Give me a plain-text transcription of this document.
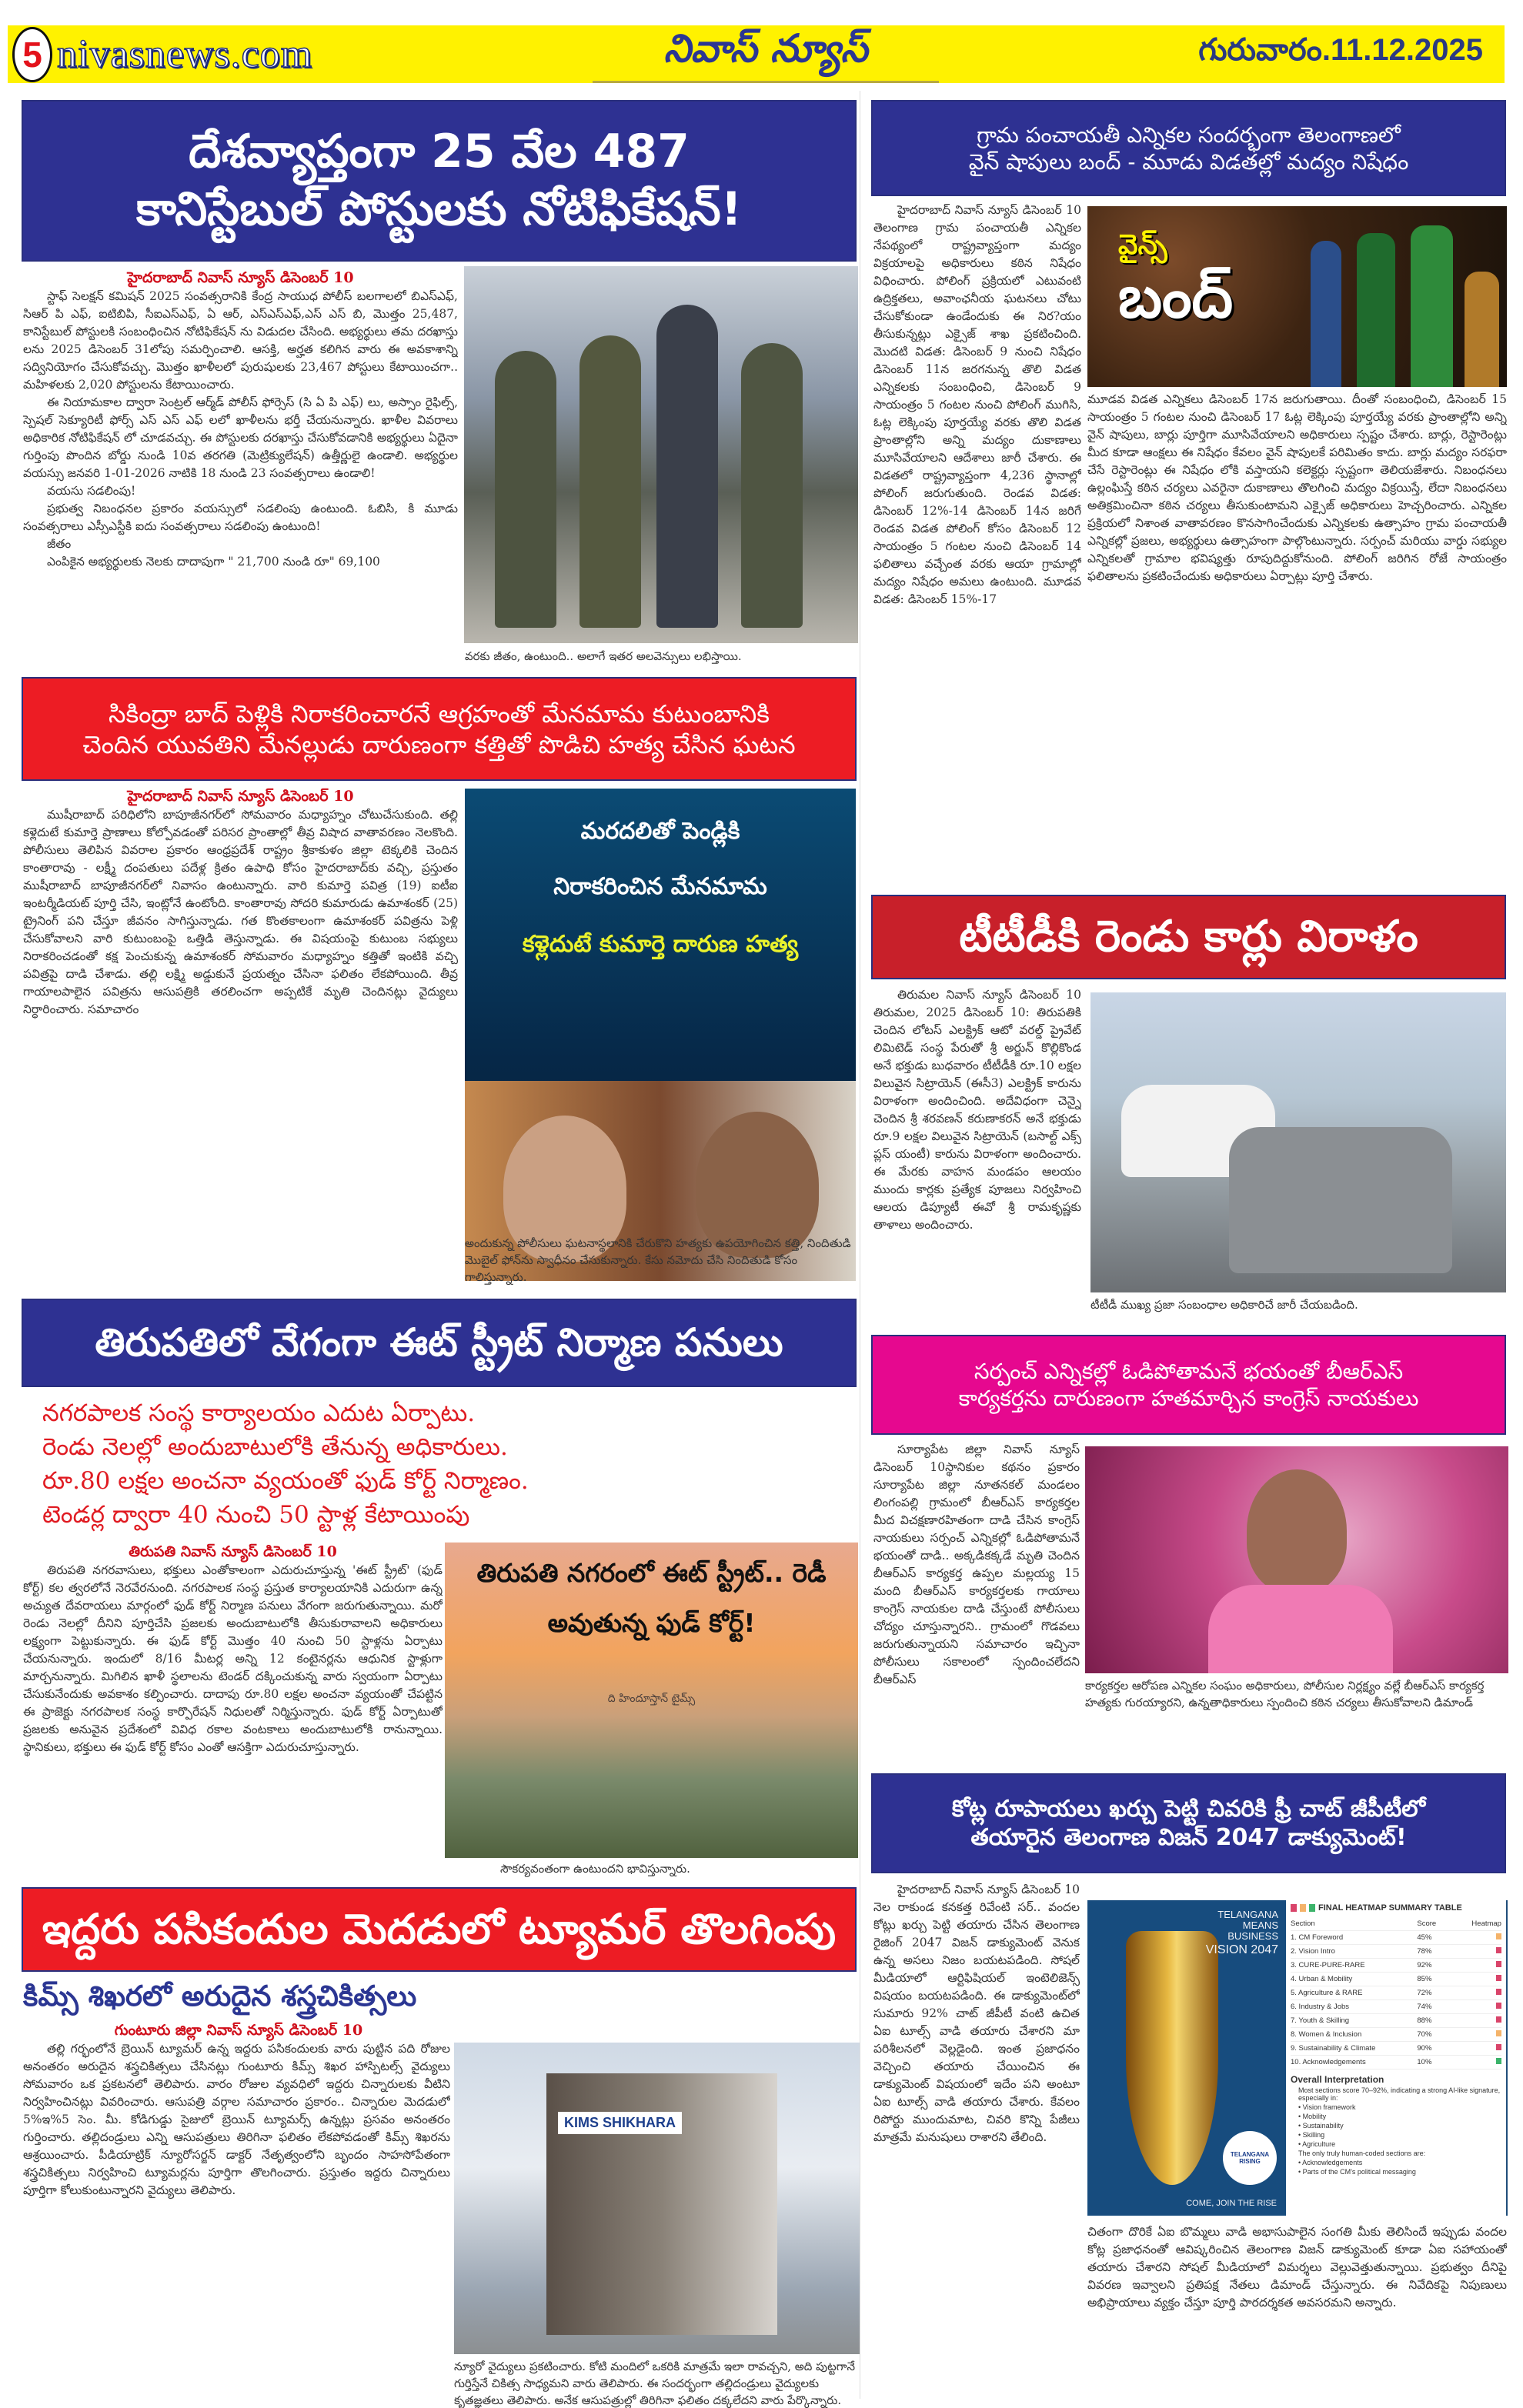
5 nivasnews.com	నివాస్ న్యూస్	గురువారం.11.12.2025
దేశవ్యాప్తంగా 25 వేల 487
కానిస్టేబుల్ పోస్టులకు నోటిఫికేషన్!
హైదరాబాద్ నివాస్ న్యూస్ డిసెంబర్ 10

స్టాఫ్ సెలక్షన్ కమిషన్ 2025 సంవత్సరానికి కేంద్ర సాయుధ పోలీస్ బలగాలలో బిఎస్ఎఫ్, సిఆర్ పి ఎఫ్, ఐటిబిపి, సీఐఎస్ఎఫ్, ఏ ఆర్, ఎస్ఎస్ఎఫ్,ఎస్ ఎస్ బి, మొత్తం 25,487, కానిస్టేబుల్ పోస్టులకి సంబంధించిన నోటిఫికేషన్ ను విడుదల చేసింది. అభ్యర్థులు తమ దరఖాస్తు లను 2025 డిసెంబర్ 31లోపు సమర్పించాలి. ఆసక్తి, అర్హత కలిగిన వారు ఈ అవకాశాన్ని సద్వినియోగం చేసుకోవచ్చు. మొత్తం ఖాళీలలో పురుషులకు 23,467 పోస్టులు కేటాయించగా.. మహిళలకు 2,020 పోస్టులను కేటాయించారు.

ఈ నియామకాల ద్వారా సెంట్రల్ ఆర్మ్‌డ్ పోలీస్ ఫోర్సెస్ (సి ఏ పి ఎఫ్) లు, అస్సాం రైఫిల్స్, స్పెషల్ సెక్యూరిటీ ఫోర్స్ ఎస్ ఎస్ ఎఫ్ లలో ఖాళీలను భర్తీ చేయనున్నారు. ఖాళీల వివరాలు అధికారిక నోటిఫికేషన్ లో చూడవచ్చు. ఈ పోస్టులకు దరఖాస్తు చేసుకోవడానికి అభ్యర్థులు ఏదైనా గుర్తింపు పొందిన బోర్డు నుండి 10వ తరగతి (మెట్రిక్యులేషన్) ఉత్తీర్ణులై ఉండాలి. అభ్యర్థుల వయస్సు జనవరి 1-01-2026 నాటికి 18 నుండి 23 సంవత్సరాలు ఉండాలి!

వయసు సడలింపు!

ప్రభుత్వ నిబంధనల ప్రకారం వయస్సులో సడలింపు ఉంటుంది. ఓబిసి, కి మూడు సంవత్సరాలు ఎస్సీఎస్టీకి ఐదు సంవత్సరాలు సడలింపు ఉంటుంది!

జీతం

ఎంపికైన అభ్యర్థులకు నెలకు దాదాపుగా " 21,700 నుండి రూ" 69,100

వరకు జీతం, ఉంటుంది.. అలాగే ఇతర అలవెన్సులు లభిస్తాయి.
గ్రామ పంచాయతీ ఎన్నికల సందర్భంగా తెలంగాణలో
వైన్ షాపులు బంద్ - మూడు విడతల్లో మద్యం నిషేధం
హైదరాబాద్ నివాస్ న్యూస్ డిసెంబర్ 10 తెలంగాణ గ్రామ పంచాయతీ ఎన్నికల నేపథ్యంలో రాష్ట్రవ్యాప్తంగా మద్యం విక్రయాలపై అధికారులు కఠిన నిషేధం విధించారు. పోలింగ్ ప్రక్రియలో ఎటువంటి ఉద్రిక్తతలు, అవాంఛనీయ ఘటనలు చోటు చేసుకోకుండా ఉండేందుకు ఈ నిర?యం తీసుకున్నట్లు ఎక్సైజ్ శాఖ ప్రకటించింది. మొదటి విడత: డిసెంబర్ 9 నుంచి నిషేధం డిసెంబర్ 11న జరగనున్న తొలి విడత ఎన్నికలకు సంబంధించి, డిసెంబర్ 9 సాయంత్రం 5 గంటల నుంచి పోలింగ్ ముగిసి, ఓట్ల లెక్కింపు పూర్తయ్యే వరకు తొలి విడత ప్రాంతాల్లోని అన్ని మద్యం దుకాణాలు మూసివేయాలని ఆదేశాలు జారీ చేశారు. ఈ విడతలో రాష్ట్రవ్యాప్తంగా 4,236 స్థానాల్లో పోలింగ్ జరుగుతుంది. రెండవ విడత: డిసెంబర్ 12%-14 డిసెంబర్ 14న జరిగే రెండవ విడత పోలింగ్ కోసం డిసెంబర్ 12 సాయంత్రం 5 గంటల నుంచి డిసెంబర్ 14 ఫలితాలు వచ్చేంత వరకు ఆయా గ్రామాల్లో మద్యం నిషేధం అమలు ఉంటుంది. మూడవ విడత: డిసెంబర్ 15%-17
వైన్స్
బంద్
మూడవ విడత ఎన్నికలు డిసెంబర్ 17న జరుగుతాయి. దీంతో సంబంధించి, డిసెంబర్ 15 సాయంత్రం 5 గంటల నుంచి డిసెంబర్ 17 ఓట్ల లెక్కింపు పూర్తయ్యే వరకు ప్రాంతాల్లోని అన్ని వైన్ షాపులు, బార్లు పూర్తిగా మూసివేయాలని అధికారులు స్పష్టం చేశారు. బార్లు, రెస్టారెంట్లు మీద కూడా ఆంక్షలు ఈ నిషేధం కేవలం వైన్ షాపులకే పరిమితం కాదు. బార్లు మద్యం సరఫరా చేసే రెస్టారెంట్లు ఈ నిషేధం లోకి వస్తాయని కలెక్టర్లు స్పష్టంగా తెలియజేశారు. నిబంధనలు ఉల్లంఘిస్తే కఠిన చర్యలు ఎవరైనా దుకాణాలు తొలగించి మద్యం విక్రయిస్తే, లేదా నిబంధనలు అతిక్రమించినా కఠిన చర్యలు తీసుకుంటామని ఎక్సైజ్ అధికారులు హెచ్చరించారు. ఎన్నికల ప్రక్రియలో నిశాంత వాతావరణం కొనసాగించేందుకు ఎన్నికలకు ఉత్సాహం గ్రామ పంచాయతీ ఎన్నికల్లో ప్రజలు, అభ్యర్థులు ఉత్సాహంగా పాల్గొంటున్నారు. సర్పంచ్ మరియు వార్డు సభ్యుల ఎన్నికలతో గ్రామాల భవిష్యత్తు రూపుదిద్దుకోనుంది. పోలింగ్ జరిగిన రోజే సాయంత్రం ఫలితాలను ప్రకటించేందుకు అధికారులు ఏర్పాట్లు పూర్తి చేశారు.
సికింద్రా బాద్ పెళ్లికి నిరాకరించారనే ఆగ్రహంతో మేనమామ కుటుంబానికి
చెందిన యువతిని మేనల్లుడు దారుణంగా కత్తితో పొడిచి హత్య చేసిన ఘటన
హైదరాబాద్ నివాస్ న్యూస్ డిసెంబర్ 10

ముషీరాబాద్ పరిధిలోని బాపూజీనగర్‌లో సోమవారం మధ్యాహ్నం చోటుచేసుకుంది. తల్లి కళ్లెదుటే కుమార్తె ప్రాణాలు కోల్పోవడంతో పరిసర ప్రాంతాల్లో తీవ్ర విషాద వాతావరణం నెలకొంది. పోలీసులు తెలిపిన వివరాల ప్రకారం ఆంధ్రప్రదేశ్ రాష్ట్రం శ్రీకాకుళం జిల్లా టెక్కలికి చెందిన కాంతారావు - లక్ష్మీ దంపతులు పదేళ్ల క్రితం ఉపాధి కోసం హైదరాబాద్‌కు వచ్చి, ప్రస్తుతం ముషీరాబాద్ బాపూజీనగర్‌లో నివాసం ఉంటున్నారు. వారి కుమార్తె పవిత్ర (19) ఐటీఐ ఇంటర్మీడియట్ పూర్తి చేసి, ఇంట్లోనే ఉంటోంది. కాంతారావు సోదరి కుమారుడు ఉమాశంకర్ (25) ట్రైనింగ్ పని చేస్తూ జీవనం సాగిస్తున్నాడు. గత కొంతకాలంగా ఉమాశంకర్ పవిత్రను పెళ్లి చేసుకోవాలని వారి కుటుంబంపై ఒత్తిడి తెస్తున్నాడు. ఈ విషయంపై కుటుంబ సభ్యులు నిరాకరించడంతో కక్ష పెంచుకున్న ఉమాశంకర్ సోమవారం మధ్యాహ్నం కత్తితో ఇంటికి వచ్చి పవిత్రపై దాడి చేశాడు. తల్లి లక్ష్మి అడ్డుకునే ప్రయత్నం చేసినా ఫలితం లేకపోయింది. తీవ్ర గాయాలపాలైన పవిత్రను ఆసుపత్రికి తరలించగా అప్పటికే మృతి చెందినట్లు వైద్యులు నిర్ధారించారు. సమాచారం

మరదలితో పెండ్లికి
నిరాకరించిన మేనమామ
కళ్లెదుటే కుమార్తె దారుణ హత్య
అందుకున్న పోలీసులు ఘటనాస్థలానికి చేరుకొని హత్యకు ఉపయోగించిన కత్తి, నిందితుడి మొబైల్ ఫోన్‌ను స్వాధీనం చేసుకున్నారు. కేసు నమోదు చేసి నిందితుడి కోసం గాలిస్తున్నారు.
టీటీడీకి రెండు కార్లు విరాళం
తిరుమల నివాస్ న్యూస్ డిసెంబర్ 10 తిరుమల, 2025 డిసెంబర్ 10: తిరుపతికి చెందిన లోటస్ ఎలక్ట్రిక్ ఆటో వరల్డ్ ప్రైవేట్ లిమిటెడ్ సంస్థ పేరుతో శ్రీ అర్జున్ కొల్లికొండ అనే భక్తుడు బుధవారం టీటీడీకి రూ.10 లక్షల విలువైన సిట్రాయెన్ (ఈసీ3) ఎలక్ట్రిక్ కారును విరాళంగా అందించింది. అదేవిధంగా చెన్నై చెందిన శ్రీ శరవణన్ కరుణాకరన్ అనే భక్తుడు రూ.9 లక్షల విలువైన సిట్రాయెన్ (బసాల్ట్ ఎక్స్ ప్లస్ యంటీ) కారును విరాళంగా అందించారు. ఈ మేరకు వాహన మండపం ఆలయం ముందు కార్లకు ప్రత్యేక పూజలు నిర్వహించి ఆలయ డిప్యూటీ ఈవో శ్రీ రామకృష్ణకు తాళాలు అందించారు.
టీటీడీ ముఖ్య ప్రజా సంబంధాల అధికారిచే జారీ చేయబడింది.
తిరుపతిలో వేగంగా ఈట్ స్ట్రీట్ నిర్మాణ పనులు
నగరపాలక సంస్థ కార్యాలయం ఎదుట ఏర్పాటు.
రెండు నెలల్లో అందుబాటులోకి తేనున్న అధికారులు.
రూ.80 లక్షల అంచనా వ్యయంతో ఫుడ్ కోర్ట్ నిర్మాణం.
టెండర్ల ద్వారా 40 నుంచి 50 స్టాళ్ల కేటాయింపు
తిరుపతి నివాస్ న్యూస్ డిసెంబర్ 10

తిరుపతి నగరవాసులు, భక్తులు ఎంతోకాలంగా ఎదురుచూస్తున్న 'ఈట్ స్ట్రీట్' (ఫుడ్ కోర్ట్) కల త్వరలోనే నెరవేరనుంది. నగరపాలక సంస్థ ప్రస్తుత కార్యాలయానికి ఎదురుగా ఉన్న అచ్యుత దేవరాయలు మార్గంలో ఫుడ్ కోర్ట్ నిర్మాణ పనులు వేగంగా జరుగుతున్నాయి. మరో రెండు నెలల్లో దీనిని పూర్తిచేసి ప్రజలకు అందుబాటులోకి తీసుకురావాలని అధికారులు లక్ష్యంగా పెట్టుకున్నారు. ఈ ఫుడ్ కోర్ట్ మొత్తం 40 నుంచి 50 స్టాళ్లను ఏర్పాటు చేయనున్నారు. ఇందులో 8/16 మీటర్ల అన్ని 12 కంటైనర్లను ఆధునిక స్టాళ్లుగా మార్చనున్నారు. మిగిలిన ఖాళీ స్థలాలను టెండర్ దక్కించుకున్న వారు స్వయంగా ఏర్పాటు చేసుకునేందుకు అవకాశం కల్పించారు. దాదాపు రూ.80 లక్షల అంచనా వ్యయంతో చేపట్టిన ఈ ప్రాజెక్టు నగరపాలక సంస్థ కార్పొరేషన్ నిధులతో నిర్మిస్తున్నారు. ఫుడ్ కోర్ట్ ఏర్పాటుతో ప్రజలకు అనువైన ప్రదేశంలో వివిధ రకాల వంటకాలు అందుబాటులోకి రానున్నాయి. స్థానికులు, భక్తులు ఈ ఫుడ్ కోర్ట్ కోసం ఎంతో ఆసక్తిగా ఎదురుచూస్తున్నారు.

తిరుపతి నగరంలో ఈట్ స్ట్రీట్.. రెడీ
అవుతున్న ఫుడ్ కోర్ట్!
ది హిందూస్తాన్ టైమ్స్
సౌకర్యవంతంగా ఉంటుందని భావిస్తున్నారు.
సర్పంచ్ ఎన్నికల్లో ఓడిపోతామనే భయంతో బీఆర్ఎస్
కార్యకర్తను దారుణంగా హతమార్చిన కాంగ్రెస్ నాయకులు
సూర్యాపేట జిల్లా నివాస్ న్యూస్ డిసెంబర్ 10స్థానికుల కథనం ప్రకారం సూర్యాపేట జిల్లా నూతనకల్ మండలం లింగంపల్లి గ్రామంలో బీఆర్ఎస్ కార్యకర్తల మీద విచక్షణారహితంగా దాడి చేసిన కాంగ్రెస్ నాయకులు సర్పంచ్ ఎన్నికల్లో ఓడిపోతామనే భయంతో దాడి.. అక్కడికక్కడే మృతి చెందిన బీఆర్ఎస్ కార్యకర్త ఉప్పల మల్లయ్య 15 మంది బీఆర్ఎస్ కార్యకర్తలకు గాయాలు కాంగ్రెస్ నాయకుల దాడి చేస్తుంటే పోలీసులు చోద్యం చూస్తున్నారని.. గ్రామంలో గొడవలు జరుగుతున్నాయని సమాచారం ఇచ్చినా పోలీసులు సకాలంలో స్పందించలేదని బీఆర్ఎస్	కార్యకర్తల ఆరోపణ ఎన్నికల సంఘం అధికారులు, పోలీసుల నిర్లక్ష్యం వల్లే బీఆర్ఎస్ కార్యకర్త హత్యకు గురయ్యారని, ఉన్నతాధికారులు స్పందించి కఠిన చర్యలు తీసుకోవాలని డిమాండ్
కోట్ల రూపాయలు ఖర్చు పెట్టి చివరికి ఫ్రీ చాట్ జీపీటీలో
తయారైన తెలంగాణ విజన్ 2047 డాక్యుమెంట్!
హైదరాబాద్ నివాస్ న్యూస్ డిసెంబర్ 10 నెల రాకుండ కనకత్త రివేంటి సర్.. వందల కోట్లు ఖర్చు పెట్టి తయారు చేసిన తెలంగాణ రైజింగ్ 2047 విజన్ డాక్యుమెంట్ వెనుక ఉన్న అసలు నిజం బయటపడింది. సోషల్ మీడియాలో ఆర్టిఫిషియల్ ఇంటెలిజెన్స్ విషయం బయటపడింది. ఈ డాక్యుమెంట్‌లో సుమారు 92% చాట్ జీపీటీ వంటి ఉచిత ఏఐ టూల్స్ వాడి తయారు చేశారని మా పరిశీలనలో వెల్లడైంది. ఇంత ప్రజాధనం వెచ్చించి తయారు చేయించిన ఈ డాక్యుమెంట్ విషయంలో ఇదేం పని అంటూ ఏఐ టూల్స్ వాడి తయారు చేశారు. కేవలం రిపోర్టు ముందుమాట, చివరి కొన్ని పేజీలు మాత్రమే మనుషులు రాశారని తేలింది.
TELANGANA
MEANS
BUSINESS
VISION 2047
TELANGANA RISING
COME, JOIN THE RISE
FINAL HEATMAP SUMMARY TABLE
Section	Score	Heatmap
1. CM Foreword	45%
2. Vision Intro	78%
3. CURE-PURE-RARE	92%
4. Urban & Mobility	85%
5. Agriculture & RARE	72%
6. Industry & Jobs	74%
7. Youth & Skilling	88%
8. Women & Inclusion	70%
9. Sustainability & Climate	90%
10. Acknowledgements	10%
Overall Interpretation
Most sections score 70–92%, indicating a strong AI-like signature, especially in:
• Vision framework
• Mobility
• Sustainability
• Skilling
• Agriculture
The only truly human-coded sections are:
• Acknowledgements
• Parts of the CM's political messaging
చితంగా దొరికే ఏఐ బొమ్మలు వాడి అభాసుపాలైన సంగతి మీకు తెలిసిందే ఇప్పుడు వందల కోట్ల ప్రజాధనంతో ఆవిష్కరించిన తెలంగాణ విజన్ డాక్యుమెంట్ కూడా ఏఐ సహాయంతో తయారు చేశారని సోషల్ మీడియాలో విమర్శలు వెల్లువెత్తుతున్నాయి. ప్రభుత్వం దీనిపై వివరణ ఇవ్వాలని ప్రతిపక్ష నేతలు డిమాండ్ చేస్తున్నారు. ఈ నివేదికపై నిపుణులు అభిప్రాయాలు వ్యక్తం చేస్తూ పూర్తి పారదర్శకత అవసరమని అన్నారు.
ఇద్దరు పసికందుల మెదడులో ట్యూమర్ తొలగింపు
కిమ్స్ శిఖరలో అరుదైన శస్త్రచికిత్సలు
గుంటూరు జిల్లా నివాస్ న్యూస్ డిసెంబర్ 10

తల్లి గర్భంలోనే బ్రెయిన్ ట్యూమర్ ఉన్న ఇద్దరు పసికందులకు వారు పుట్టిన పది రోజుల అనంతరం అరుదైన శస్త్రచికిత్సలు చేసినట్లు గుంటూరు కిమ్స్ శిఖర హాస్పిటల్స్ వైద్యులు సోమవారం ఒక ప్రకటనలో తెలిపారు. వారం రోజుల వ్యవధిలో ఇద్దరు చిన్నారులకు వీటిని నిర్వహించినట్లు వివరించారు. ఆసుపత్రి వర్గాల సమాచారం ప్రకారం.. చిన్నారుల మెదడులో 5%ఇ%5 సెం. మీ. కోడిగుడ్డు సైజులో బ్రెయిన్ ట్యూమర్స్ ఉన్నట్లు ప్రసవం అనంతరం గుర్తించారు. తల్లిదండ్రులు ఎన్ని ఆసుపత్రులు తిరిగినా ఫలితం లేకపోవడంతో కిమ్స్ శిఖరను ఆశ్రయించారు. పీడియాట్రిక్ న్యూరోసర్జన్ డాక్టర్ నేతృత్వంలోని బృందం సాహసోపేతంగా శస్త్రచికిత్సలు నిర్వహించి ట్యూమర్లను పూర్తిగా తొలగించారు. ప్రస్తుతం ఇద్దరు చిన్నారులు పూర్తిగా కోలుకుంటున్నారని వైద్యులు తెలిపారు.

KIMS SHIKHARA
న్యూరో వైద్యులు ప్రకటించారు. కోటి మందిలో ఒకరికి మాత్రమే ఇలా రావచ్చని, అది పుట్టగానే గుర్తిస్తేనే చికిత్స సాధ్యమని వారు తెలిపారు. ఈ సందర్భంగా తల్లిదండ్రులు వైద్యులకు కృతజ్ఞతలు తెలిపారు. అనేక ఆసుపత్రుల్లో తిరిగినా ఫలితం దక్కలేదని వారు పేర్కొన్నారు.
